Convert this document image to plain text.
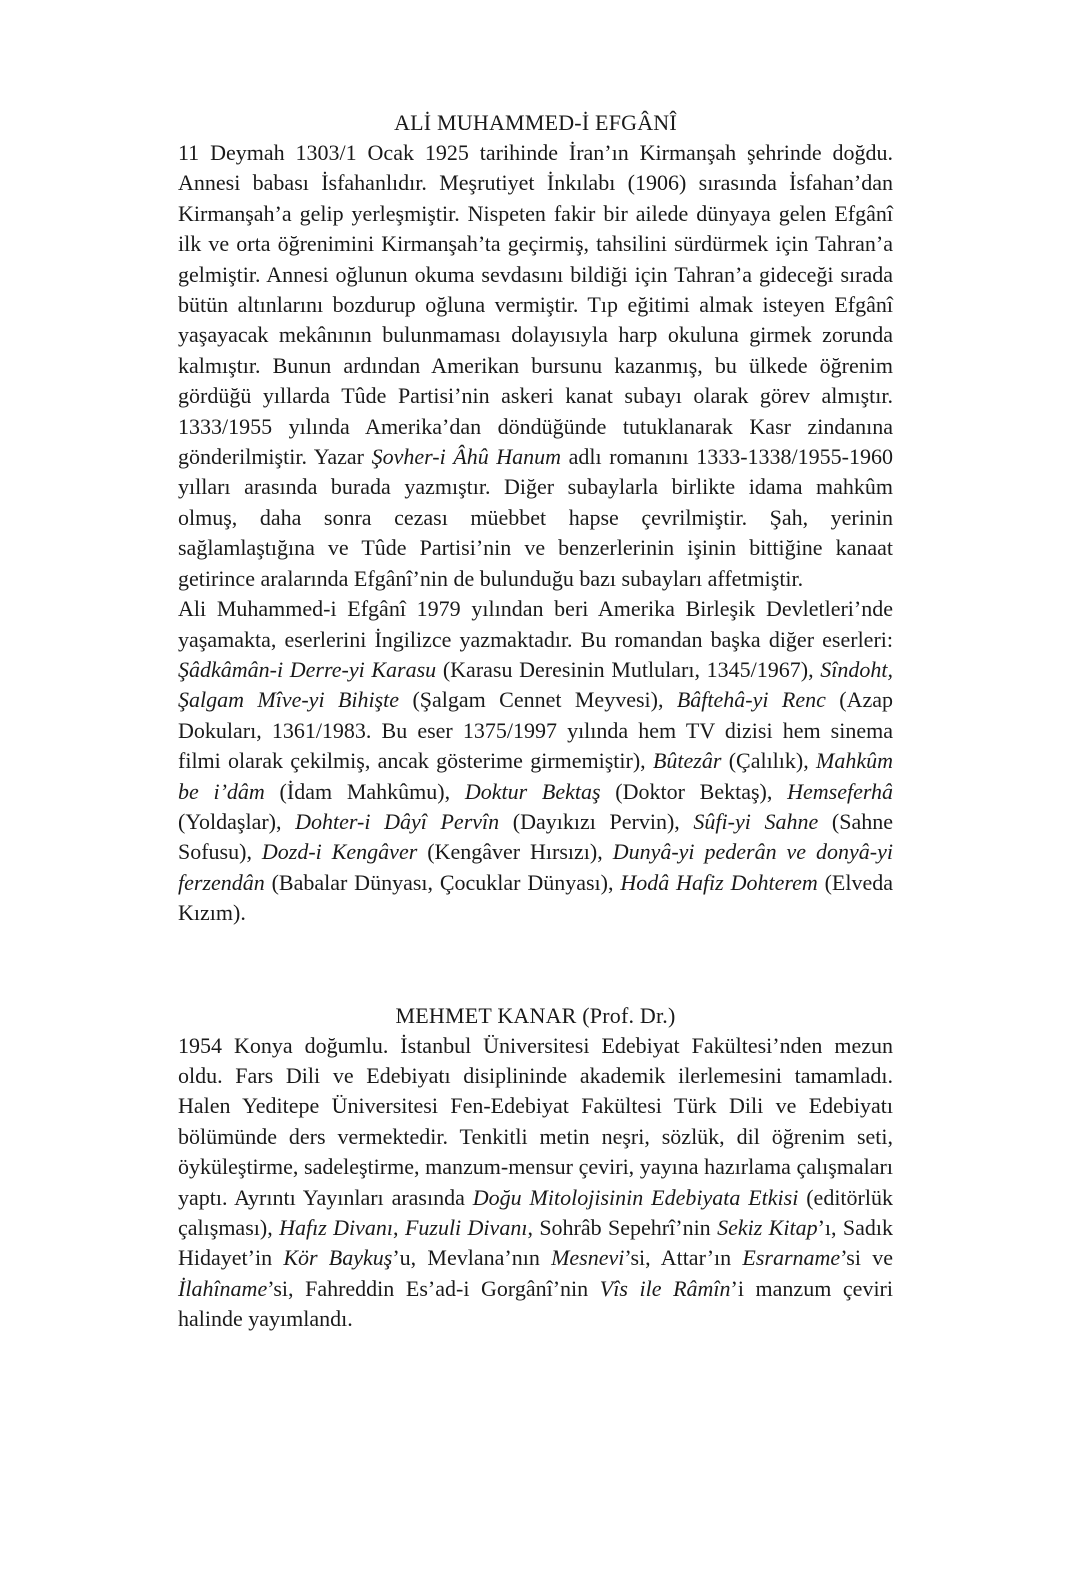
ALİ MUHAMMED-İ EFGÂNÎ

11 Deymah 1303/1 Ocak 1925 tarihinde İran’ın Kirmanşah şehrinde doğdu. Annesi babası İsfahanlıdır. Meşrutiyet İnkılabı (1906) sırasında İsfahan’dan Kirmanşah’a gelip yerleşmiştir. Nispeten fakir bir ailede dünyaya gelen Efgânî ilk ve orta öğrenimini Kirmanşah’ta geçirmiş, tahsilini sürdürmek için Tahran’a gelmiştir. Annesi oğlunun okuma sevdasını bildiği için Tahran’a gideceği sırada bütün altınlarını bozdurup oğluna vermiştir. Tıp eğitimi almak isteyen Efgânî yaşayacak mekânının bulunmaması dolayısıyla harp okuluna girmek zorunda kalmıştır. Bunun ardından Amerikan bursunu kazanmış, bu ülkede öğrenim gördüğü yıllarda Tûde Partisi’nin askeri kanat subayı olarak görev almıştır. 1333/1955 yılında Amerika’dan döndüğünde tutuklanarak Kasr zindanına gönderilmiştir. Yazar Şovher-i Âhû Hanum adlı romanını 1333-1338/1955-1960 yılları arasında burada yazmıştır. Diğer subaylarla birlikte idama mahkûm olmuş, daha sonra cezası müebbet hapse çevrilmiştir. Şah, yerinin sağlamlaştığına ve Tûde Partisi’nin ve benzerlerinin işinin bittiğine kanaat getirince aralarında Efgânî’nin de bulunduğu bazı subayları affetmiştir.

Ali Muhammed-i Efgânî 1979 yılından beri Amerika Birleşik Devletleri’nde yaşamakta, eserlerini İngilizce yazmaktadır. Bu romandan başka diğer eserleri: Şâdkâmân-i Derre-yi Karasu (Karasu Deresinin Mutluları, 1345/1967), Sîndoht, Şalgam Mîve-yi Bihişte (Şalgam Cennet Meyvesi), Bâftehâ-yi Renc (Azap Dokuları, 1361/1983. Bu eser 1375/1997 yılında hem TV dizisi hem sinema filmi olarak çekilmiş, ancak gösterime girmemiştir), Bûtezâr (Çalılık), Mahkûm be i’dâm (İdam Mahkûmu), Doktur Bektaş (Doktor Bektaş), Hemseferhâ (Yoldaşlar), Dohter-i Dâyî Pervîn (Dayıkızı Pervin), Sûfi-yi Sahne (Sahne Sofusu), Dozd-i Kengâver (Kengâver Hırsızı), Dunyâ-yi pederân ve donyâ-yi ferzendân (Babalar Dünyası, Çocuklar Dünyası), Hodâ Hafiz Dohterem (Elveda Kızım).

MEHMET KANAR (Prof. Dr.)

1954 Konya doğumlu. İstanbul Üniversitesi Edebiyat Fakültesi’nden mezun oldu. Fars Dili ve Edebiyatı disiplininde akademik ilerlemesini tamamladı. Halen Yeditepe Üniversitesi Fen-Edebiyat Fakültesi Türk Dili ve Edebiyatı bölümünde ders vermektedir. Tenkitli metin neşri, sözlük, dil öğrenim seti, öyküleştirme, sadeleştirme, manzum-mensur çeviri, yayına hazırlama çalışmaları yaptı. Ayrıntı Yayınları arasında Doğu Mitolojisinin Edebiyata Etkisi (editörlük çalışması), Hafız Divanı, Fuzuli Divanı, Sohrâb Sepehrî’nin Sekiz Kitap’ı, Sadık Hidayet’in Kör Baykuş’u, Mevlana’nın Mesnevi’si, Attar’ın Esrarname’si ve İlahîname’si, Fahreddin Es’ad-i Gorgânî’nin Vîs ile Râmîn’i manzum çeviri halinde yayımlandı.
